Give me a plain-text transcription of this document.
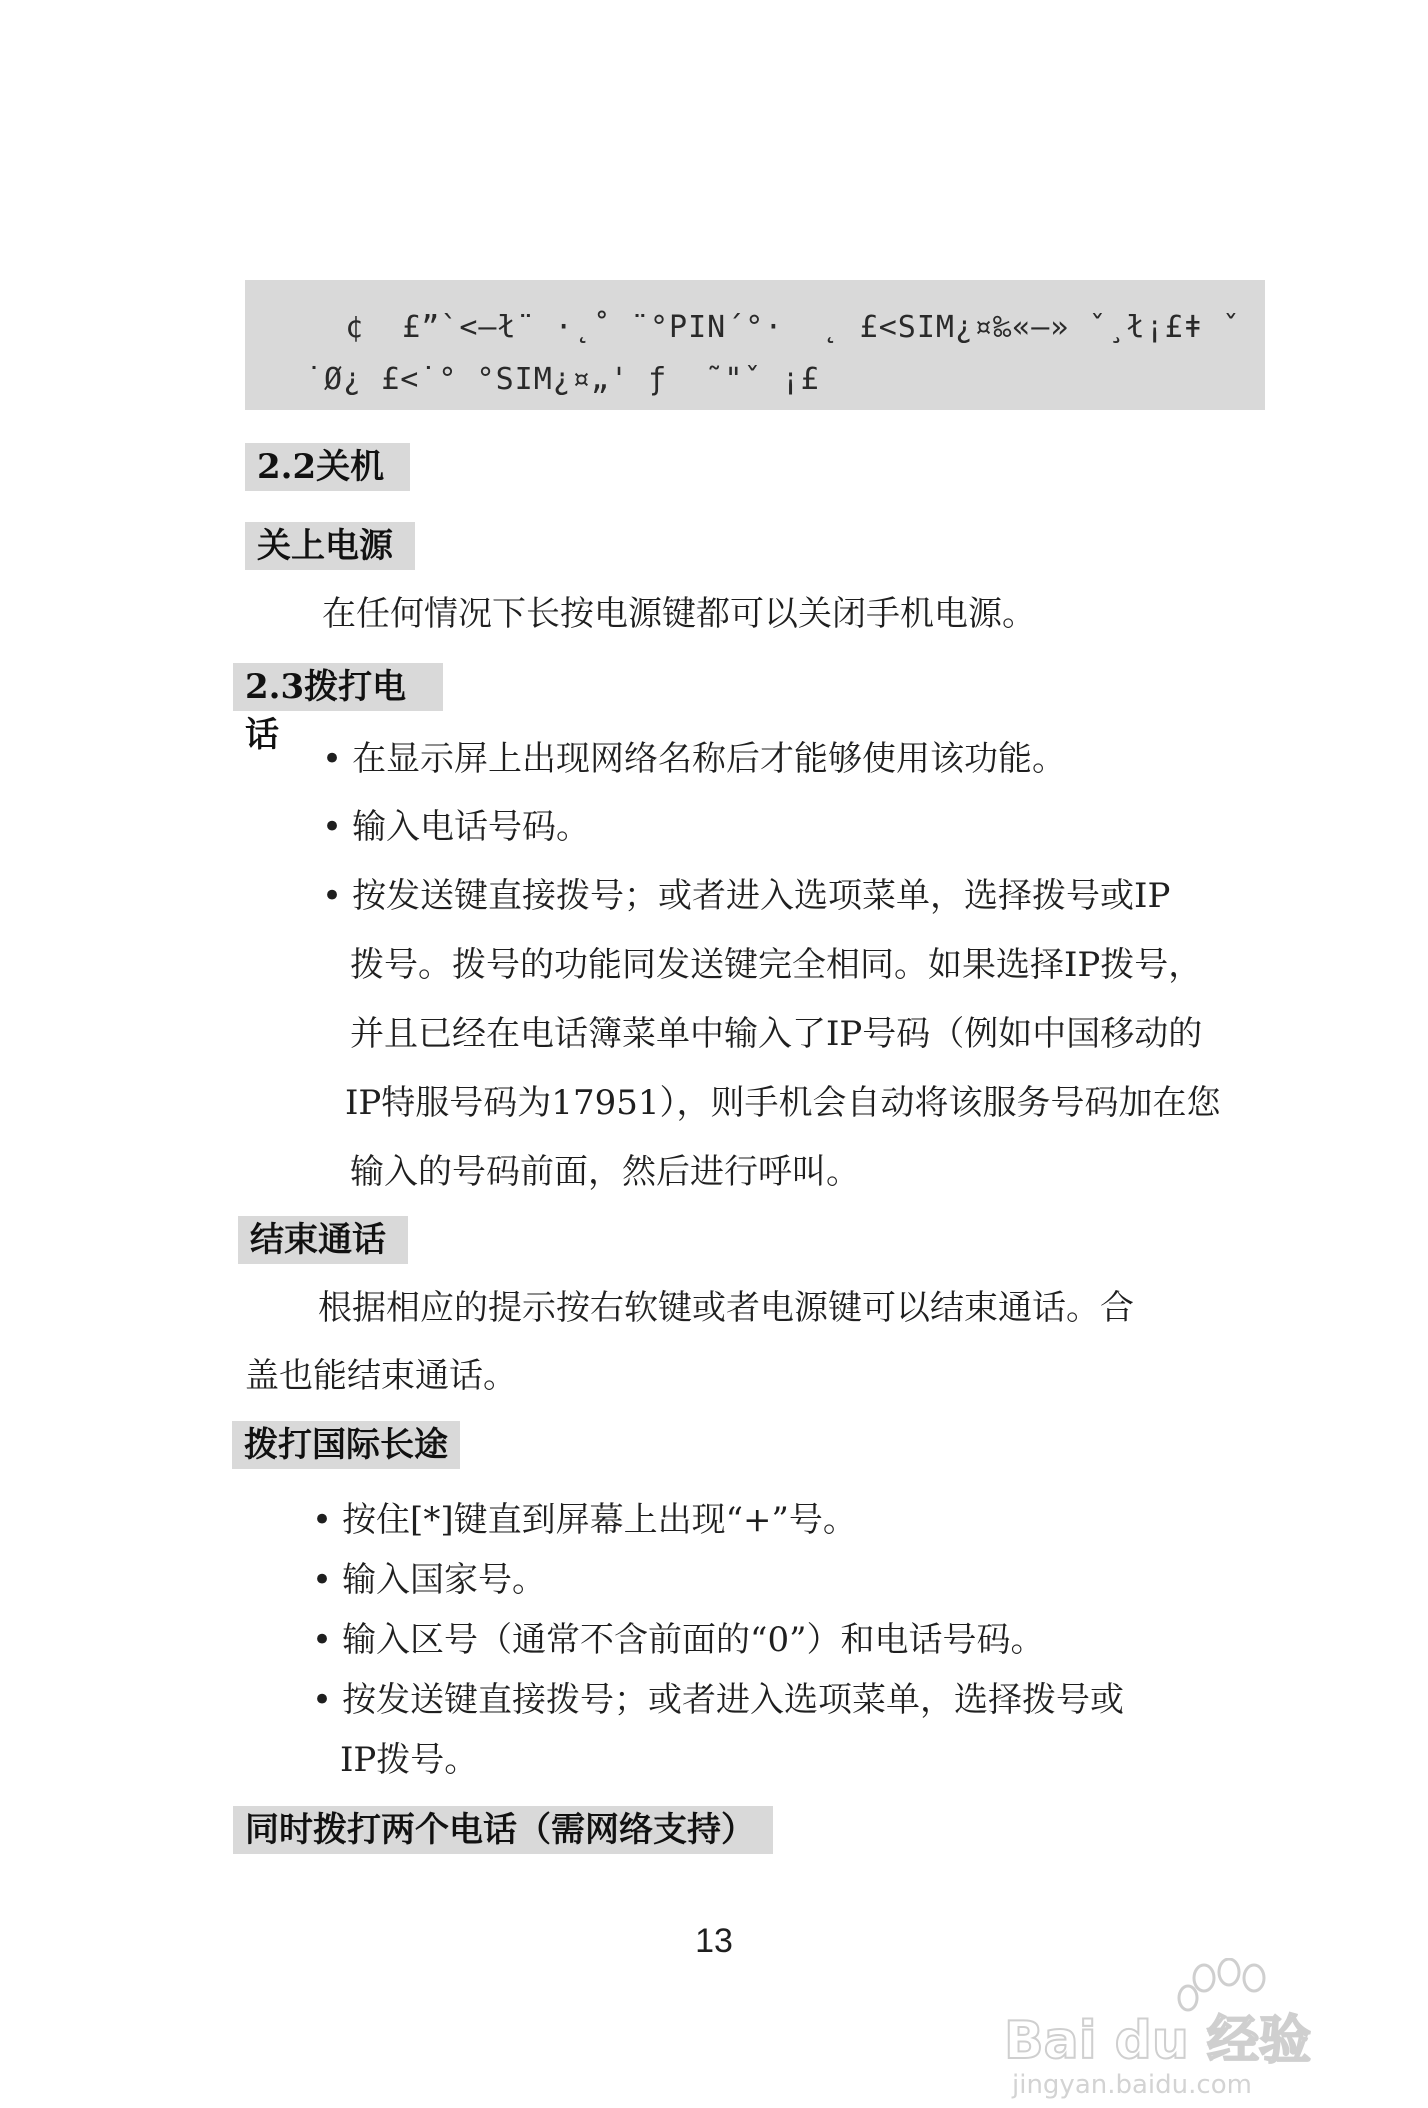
¢  £”`<—ł¨ ·˛˚ ¨°PIN´°·  ˛ £<SIM¿¤‰«–» ˇ¸ł¡£ǂ ˇ
˙Ø¿ £<˙° °SIM¿¤„' ƒ  ˜"ˇ ¡£
2.2关机
关上电源
在任何情况下长按电源键都可以关闭手机电源。
2.3拨打电话
• 在显示屏上出现网络名称后才能够使用该功能。
• 输入电话号码。
• 按发送键直接拨号；或者进入选项菜单，选择拨号或IP
拨号。拨号的功能同发送键完全相同。如果选择IP拨号，
并且已经在电话簿菜单中输入了IP号码（例如中国移动的
IP特服号码为17951），则手机会自动将该服务号码加在您
输入的号码前面，然后进行呼叫。
结束通话
根据相应的提示按右软键或者电源键可以结束通话。合
盖也能结束通话。
拨打国际长途
• 按住[*]键直到屏幕上出现“+”号。
• 输入国家号。
• 输入区号（通常不含前面的“0”）和电话号码。
• 按发送键直接拨号；或者进入选项菜单，选择拨号或
IP拨号。
同时拨打两个电话（需网络支持）
13
Bai du 经验
jingyan.baidu.com
